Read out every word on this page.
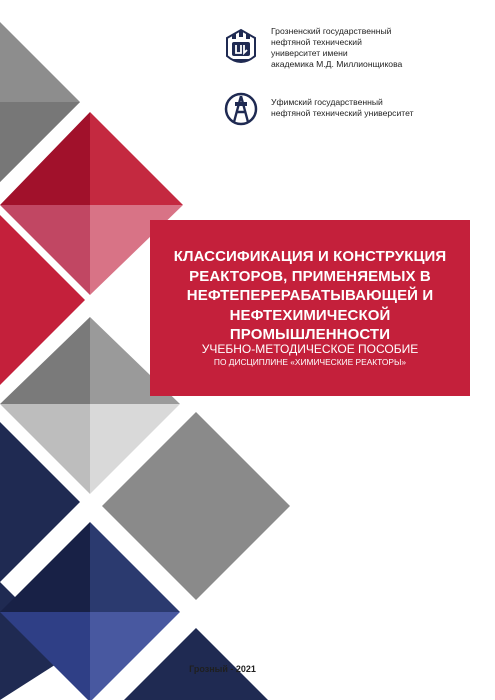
Грозненский государственный
нефтяной технический
университет имени
академика М.Д. Миллионщикова
Уфимский государственный
нефтяной технический университет
КЛАССИФИКАЦИЯ И КОНСТРУКЦИЯ
РЕАКТОРОВ, ПРИМЕНЯЕМЫХ В
НЕФТЕПЕРЕРАБАТЫВАЮЩЕЙ И
НЕФТЕХИМИЧЕСКОЙ ПРОМЫШЛЕННОСТИ
УЧЕБНО-МЕТОДИЧЕСКОЕ ПОСОБИЕ
ПО ДИСЦИПЛИНЕ «ХИМИЧЕСКИЕ РЕАКТОРЫ»
Грозный - 2021
